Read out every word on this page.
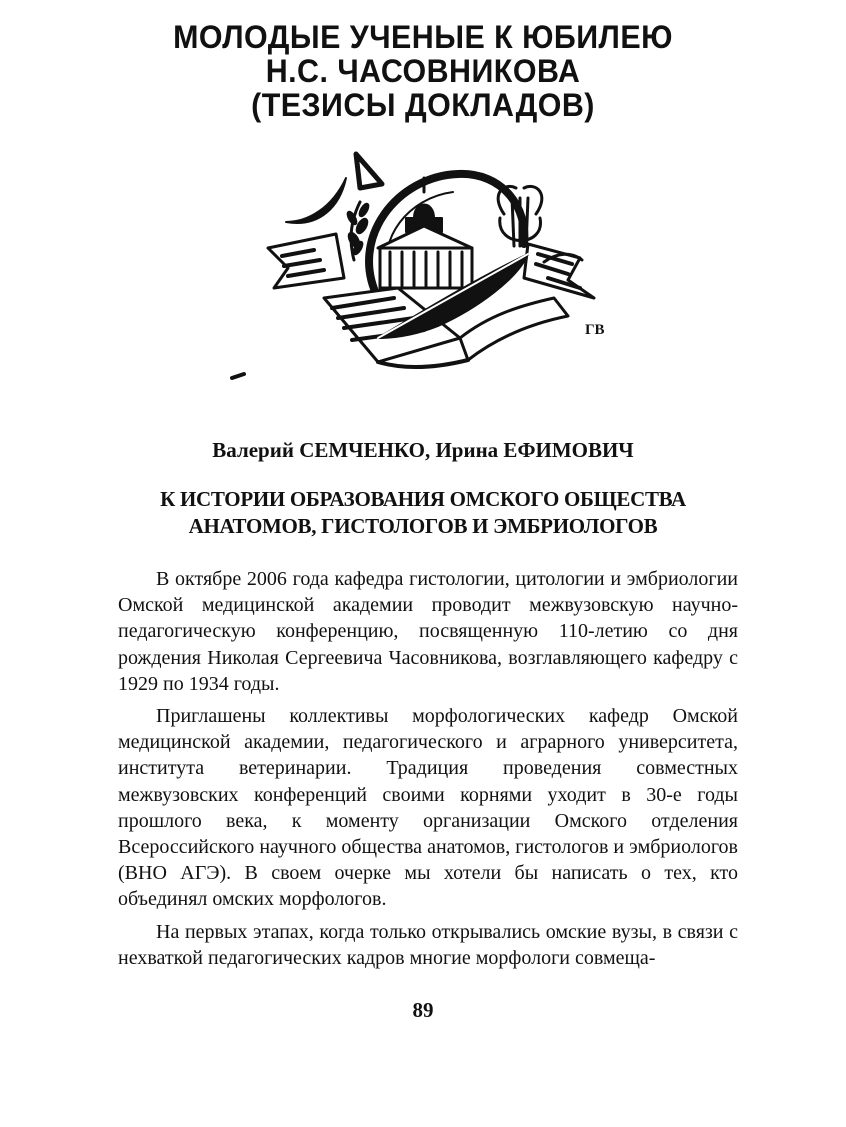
МОЛОДЫЕ УЧЕНЫЕ К ЮБИЛЕЮ
Н.С. ЧАСОВНИКОВА
(ТЕЗИСЫ ДОКЛАДОВ)
ГВ
Валерий СЕМЧЕНКО, Ирина ЕФИМОВИЧ
К ИСТОРИИ ОБРАЗОВАНИЯ ОМСКОГО ОБЩЕСТВА
АНАТОМОВ, ГИСТОЛОГОВ И ЭМБРИОЛОГОВ

В октябре 2006 года кафедра гистологии, цитологии и эмбриологии Омской медицинской академии проводит межвузовскую научно-педагогическую конференцию, посвященную 110-летию со дня рождения Николая Сергеевича Часовникова, возглавляющего кафедру с 1929 по 1934 годы.

Приглашены коллективы морфологических кафедр Омской медицинской академии, педагогического и аграрного университета, института ветеринарии. Традиция проведения совместных межвузовских конференций своими корнями уходит в 30-е годы прошлого века, к моменту организации Омского отделения Всероссийского научного общества анатомов, гистологов и эмбриологов (ВНО АГЭ). В своем очерке мы хотели бы написать о тех, кто объединял омских морфологов.

На первых этапах, когда только открывались омские вузы, в связи с нехваткой педагогических кадров многие морфологи совмеща-

89
